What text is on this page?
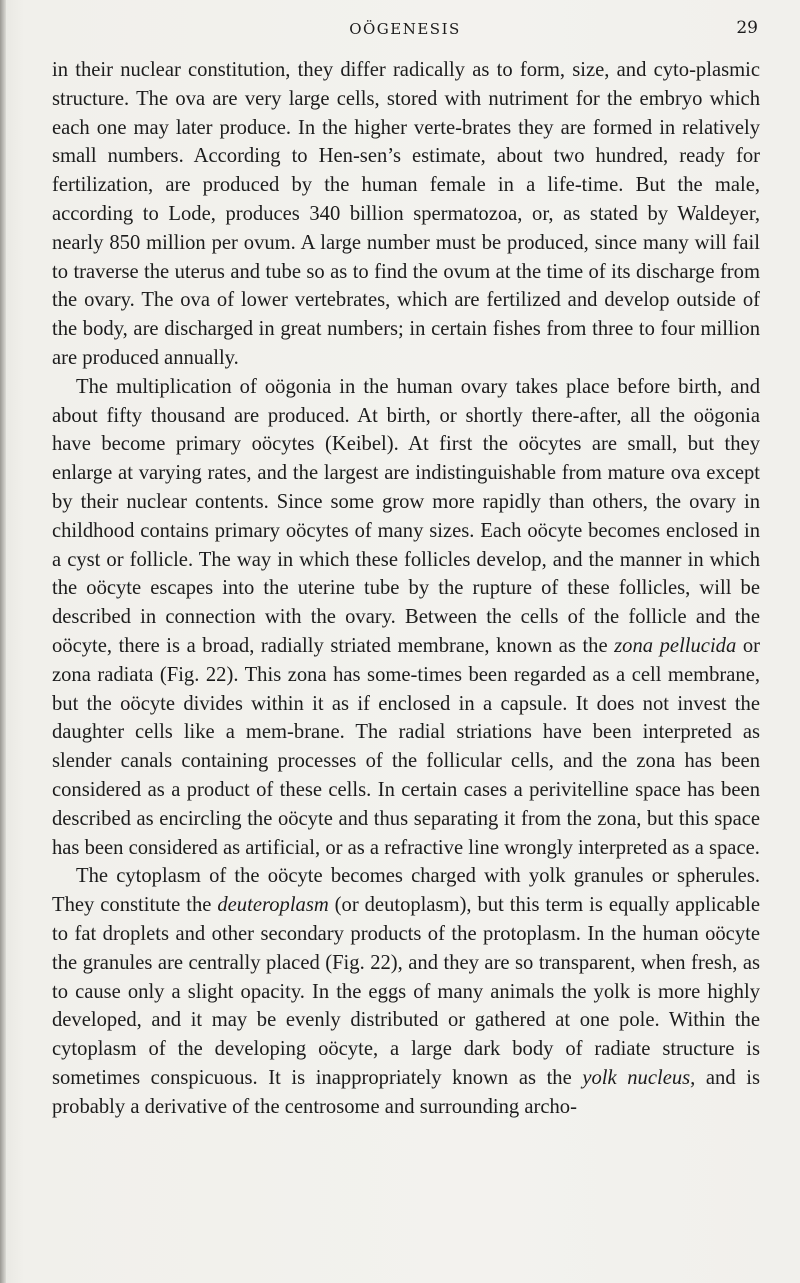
OÖGENESIS	29

in their nuclear constitution, they differ radically as to form, size, and cyto-plasmic structure. The ova are very large cells, stored with nutriment for the embryo which each one may later produce. In the higher verte-brates they are formed in relatively small numbers. According to Hen-sen’s estimate, about two hundred, ready for fertilization, are produced by the human female in a life-time. But the male, according to Lode, produces 340 billion spermatozoa, or, as stated by Waldeyer, nearly 850 million per ovum. A large number must be produced, since many will fail to traverse the uterus and tube so as to find the ovum at the time of its discharge from the ovary. The ova of lower vertebrates, which are fertilized and develop outside of the body, are discharged in great numbers; in certain fishes from three to four million are produced annually.

The multiplication of oögonia in the human ovary takes place before birth, and about fifty thousand are produced. At birth, or shortly there-after, all the oögonia have become primary oöcytes (Keibel). At first the oöcytes are small, but they enlarge at varying rates, and the largest are indistinguishable from mature ova except by their nuclear contents. Since some grow more rapidly than others, the ovary in childhood contains primary oöcytes of many sizes. Each oöcyte becomes enclosed in a cyst or follicle. The way in which these follicles develop, and the manner in which the oöcyte escapes into the uterine tube by the rupture of these follicles, will be described in connection with the ovary. Between the cells of the follicle and the oöcyte, there is a broad, radially striated membrane, known as the zona pellucida or zona radiata (Fig. 22). This zona has some-times been regarded as a cell membrane, but the oöcyte divides within it as if enclosed in a capsule. It does not invest the daughter cells like a mem-brane. The radial striations have been interpreted as slender canals containing processes of the follicular cells, and the zona has been considered as a product of these cells. In certain cases a perivitelline space has been described as encircling the oöcyte and thus separating it from the zona, but this space has been considered as artificial, or as a refractive line wrongly interpreted as a space.

The cytoplasm of the oöcyte becomes charged with yolk granules or spherules. They constitute the deuteroplasm (or deutoplasm), but this term is equally applicable to fat droplets and other secondary products of the protoplasm. In the human oöcyte the granules are centrally placed (Fig. 22), and they are so transparent, when fresh, as to cause only a slight opacity. In the eggs of many animals the yolk is more highly developed, and it may be evenly distributed or gathered at one pole. Within the cytoplasm of the developing oöcyte, a large dark body of radiate structure is sometimes conspicuous. It is inappropriately known as the yolk nucleus, and is probably a derivative of the centrosome and surrounding archo-
